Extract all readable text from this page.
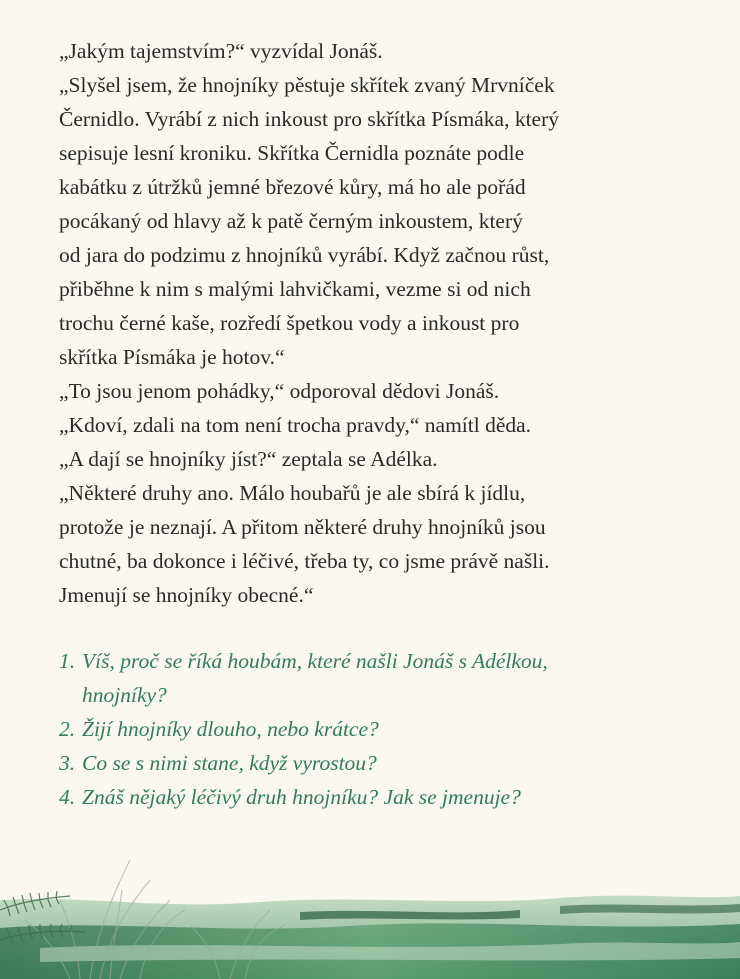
„Jakým tajemstvím?“ vyzvídal Jonáš.

„Slyšel jsem, že hnojníky pěstuje skřítek zvaný Mrvníček

Černidlo. Vyrábí z nich inkoust pro skřítka Písmáka, který

sepisuje lesní kroniku. Skřítka Černidla poznáte podle

kabátku z útržků jemné březové kůry, má ho ale pořád

pocákaný od hlavy až k patě černým inkoustem, který

od jara do podzimu z hnojníků vyrábí. Když začnou růst,

přiběhne k nim s malými lahvičkami, vezme si od nich

trochu černé kaše, rozředí špetkou vody a inkoust pro

skřítka Písmáka je hotov.“

„To jsou jenom pohádky,“ odporoval dědovi Jonáš.

„Kdoví, zdali na tom není trocha pravdy,“ namítl děda.

„A dají se hnojníky jíst?“ zeptala se Adélka.

„Některé druhy ano. Málo houbařů je ale sbírá k jídlu,

protože je neznají. A přitom některé druhy hnojníků jsou

chutné, ba dokonce i léčivé, třeba ty, co jsme právě našli.

Jmenují se hnojníky obecné.“

1. Víš, proč se říká houbám, které našli Jonáš s Adélkou,
hnojníky?
2. Žijí hnojníky dlouho, nebo krátce?
3. Co se s nimi stane, když vyrostou?
4. Znáš nějaký léčivý druh hnojníku? Jak se jmenuje?
